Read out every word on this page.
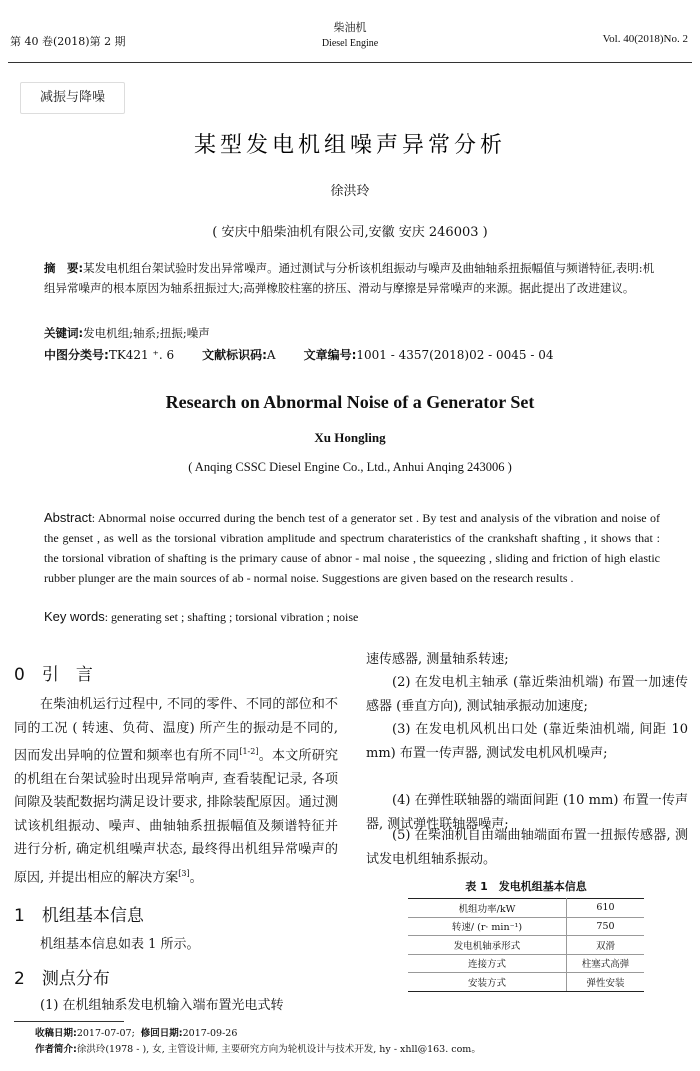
第 40 卷(2018)第 2 期
柴油机
Diesel Engine	Vol. 40(2018)No. 2
减振与降噪
某型发电机组噪声异常分析
徐洪玲
( 安庆中船柴油机有限公司,安徽 安庆 246003 )
摘　要:某发电机组台架试验时发出异常噪声。通过测试与分析该机组振动与噪声及曲轴轴系扭振幅值与频谱特征,表明:机组异常噪声的根本原因为轴系扭振过大;高弹橡胶柱塞的挤压、滑动与摩擦是异常噪声的来源。据此提出了改进建议。
关键词:发电机组;轴系;扭振;噪声
中图分类号:TK421 ⁺. 6 文献标识码:A 文章编号:1001 - 4357(2018)02 - 0045 - 04
Research on Abnormal Noise of a Generator Set
Xu Hongling
( Anqing CSSC Diesel Engine Co., Ltd., Anhui Anqing 243006 )
Abstract: Abnormal noise occurred during the bench test of a generator set . By test and analysis of the vibration and noise of the genset , as well as the torsional vibration amplitude and spectrum charateristics of the crankshaft shafting , it shows that : the torsional vibration of shafting is the primary cause of abnor - mal noise , the squeezing , sliding and friction of high elastic rubber plunger are the main sources of ab - normal noise. Suggestions are given based on the research results .
Key words: generating set ; shafting ; torsional vibration ; noise
0　引　言
在柴油机运行过程中, 不同的零件、不同的部位和不同的工况 ( 转速、负荷、温度) 所产生的振动是不同的, 因而发出异响的位置和频率也有所不同[1-2]。本文所研究的机组在台架试验时出现异常响声, 查看装配记录, 各项间隙及装配数据均满足设计要求, 排除装配原因。通过测试该机组振动、噪声、曲轴轴系扭振幅值及频谱特征并进行分析, 确定机组噪声状态, 最终得出机组异常噪声的原因, 并提出相应的解决方案[3]。
1　机组基本信息
机组基本信息如表 1 所示。
2　测点分布
(1) 在机组轴系发电机输入端布置光电式转
速传感器, 测量轴系转速;
(2) 在发电机主轴承 (靠近柴油机端) 布置一加速传感器 (垂直方向), 测试轴承振动加速度;
(3) 在发电机风机出口处 (靠近柴油机端, 间距 10 mm) 布置一传声器, 测试发电机风机噪声;
(4) 在弹性联轴器的端面间距 (10 mm) 布置一传声器, 测试弹性联轴器噪声;
(5) 在柴油机自由端曲轴端面布置一扭振传感器, 测试发电机组轴系振动。
表 1　发电机组基本信息
机组功率/kW	610
转速/ (r· min⁻¹)	750
发电机轴承形式	双滑
连接方式	柱塞式高弹
安装方式	弹性安装
收稿日期:2017-07-07; 修回日期:2017-09-26
作者简介:徐洪玲(1978 - ), 女, 主管设计师, 主要研究方向为轮机设计与技术开发, hy - xhll@163. com。
